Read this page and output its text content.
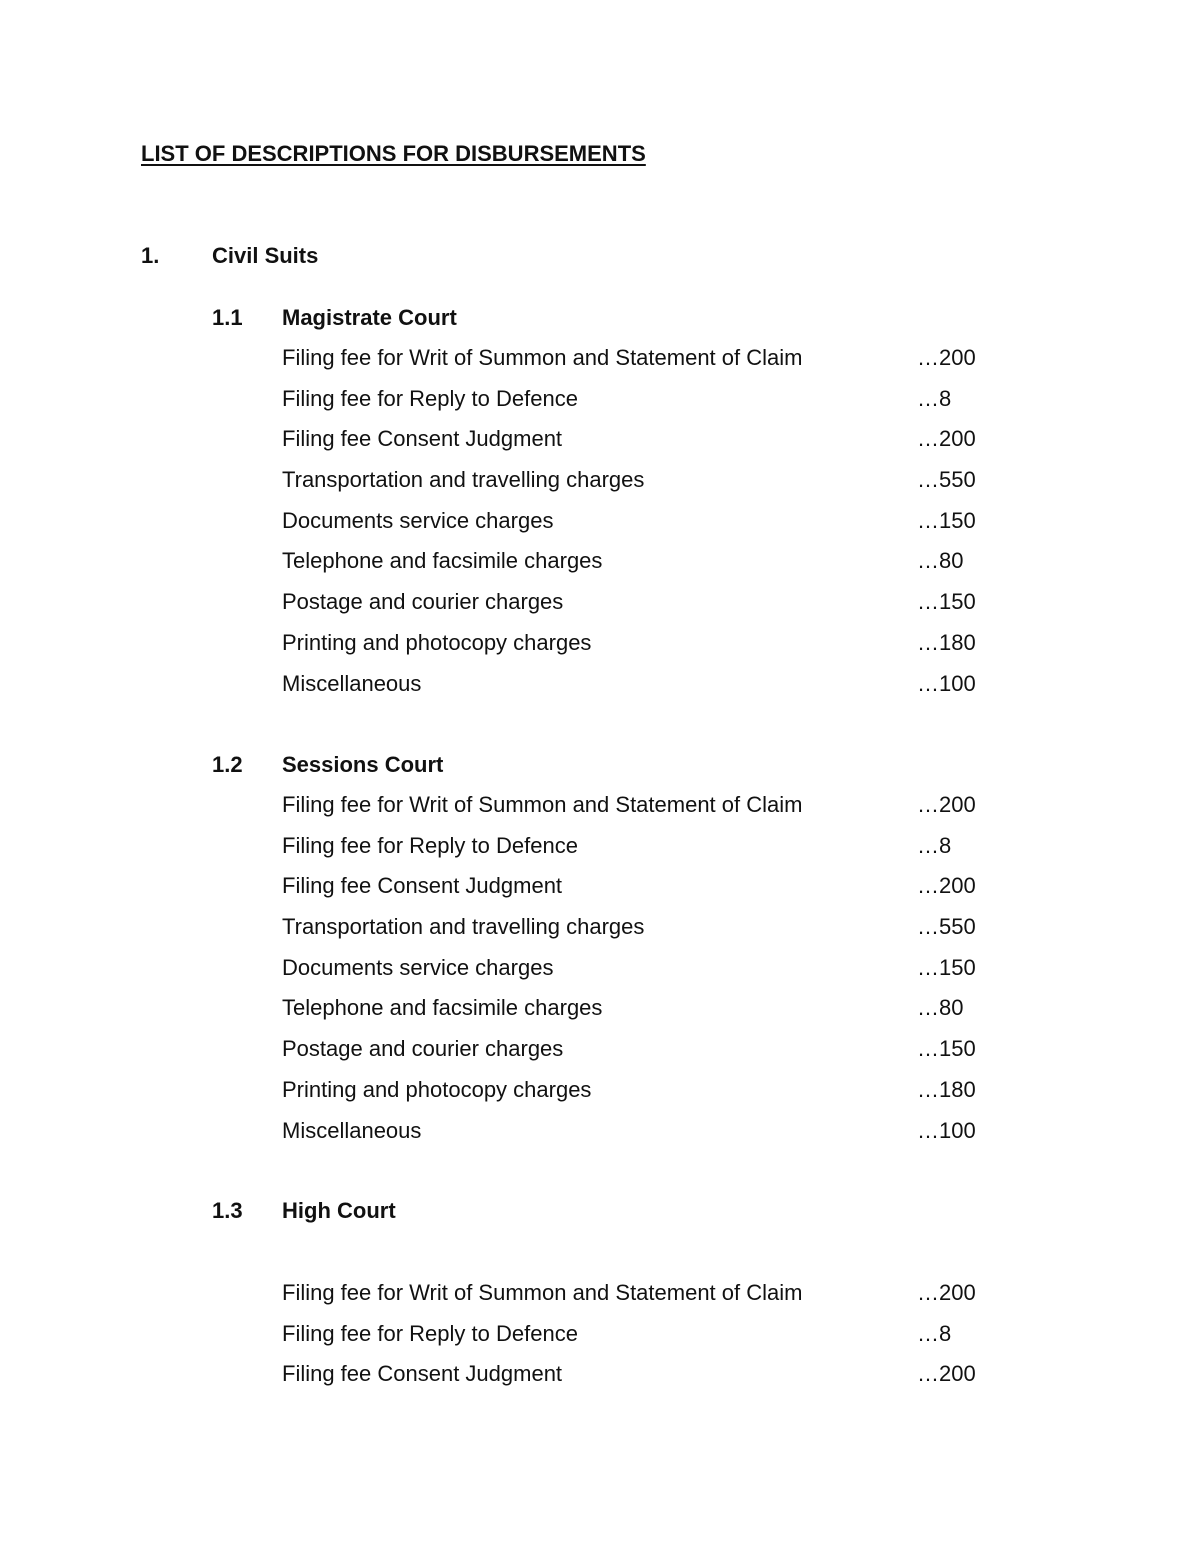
LIST OF DESCRIPTIONS FOR DISBURSEMENTS
1. Civil Suits
1.1 Magistrate Court
Filing fee for Writ of Summon and Statement of Claim	…200
Filing fee for Reply to Defence	…8
Filing fee Consent Judgment	…200
Transportation and travelling charges	…550
Documents service charges	…150
Telephone and facsimile charges	…80
Postage and courier charges	…150
Printing and photocopy charges	…180
Miscellaneous	…100
1.2 Sessions Court
Filing fee for Writ of Summon and Statement of Claim	…200
Filing fee for Reply to Defence	…8
Filing fee Consent Judgment	…200
Transportation and travelling charges	…550
Documents service charges	…150
Telephone and facsimile charges	…80
Postage and courier charges	…150
Printing and photocopy charges	…180
Miscellaneous	…100
1.3 High Court
Filing fee for Writ of Summon and Statement of Claim	…200
Filing fee for Reply to Defence	…8
Filing fee Consent Judgment	…200
